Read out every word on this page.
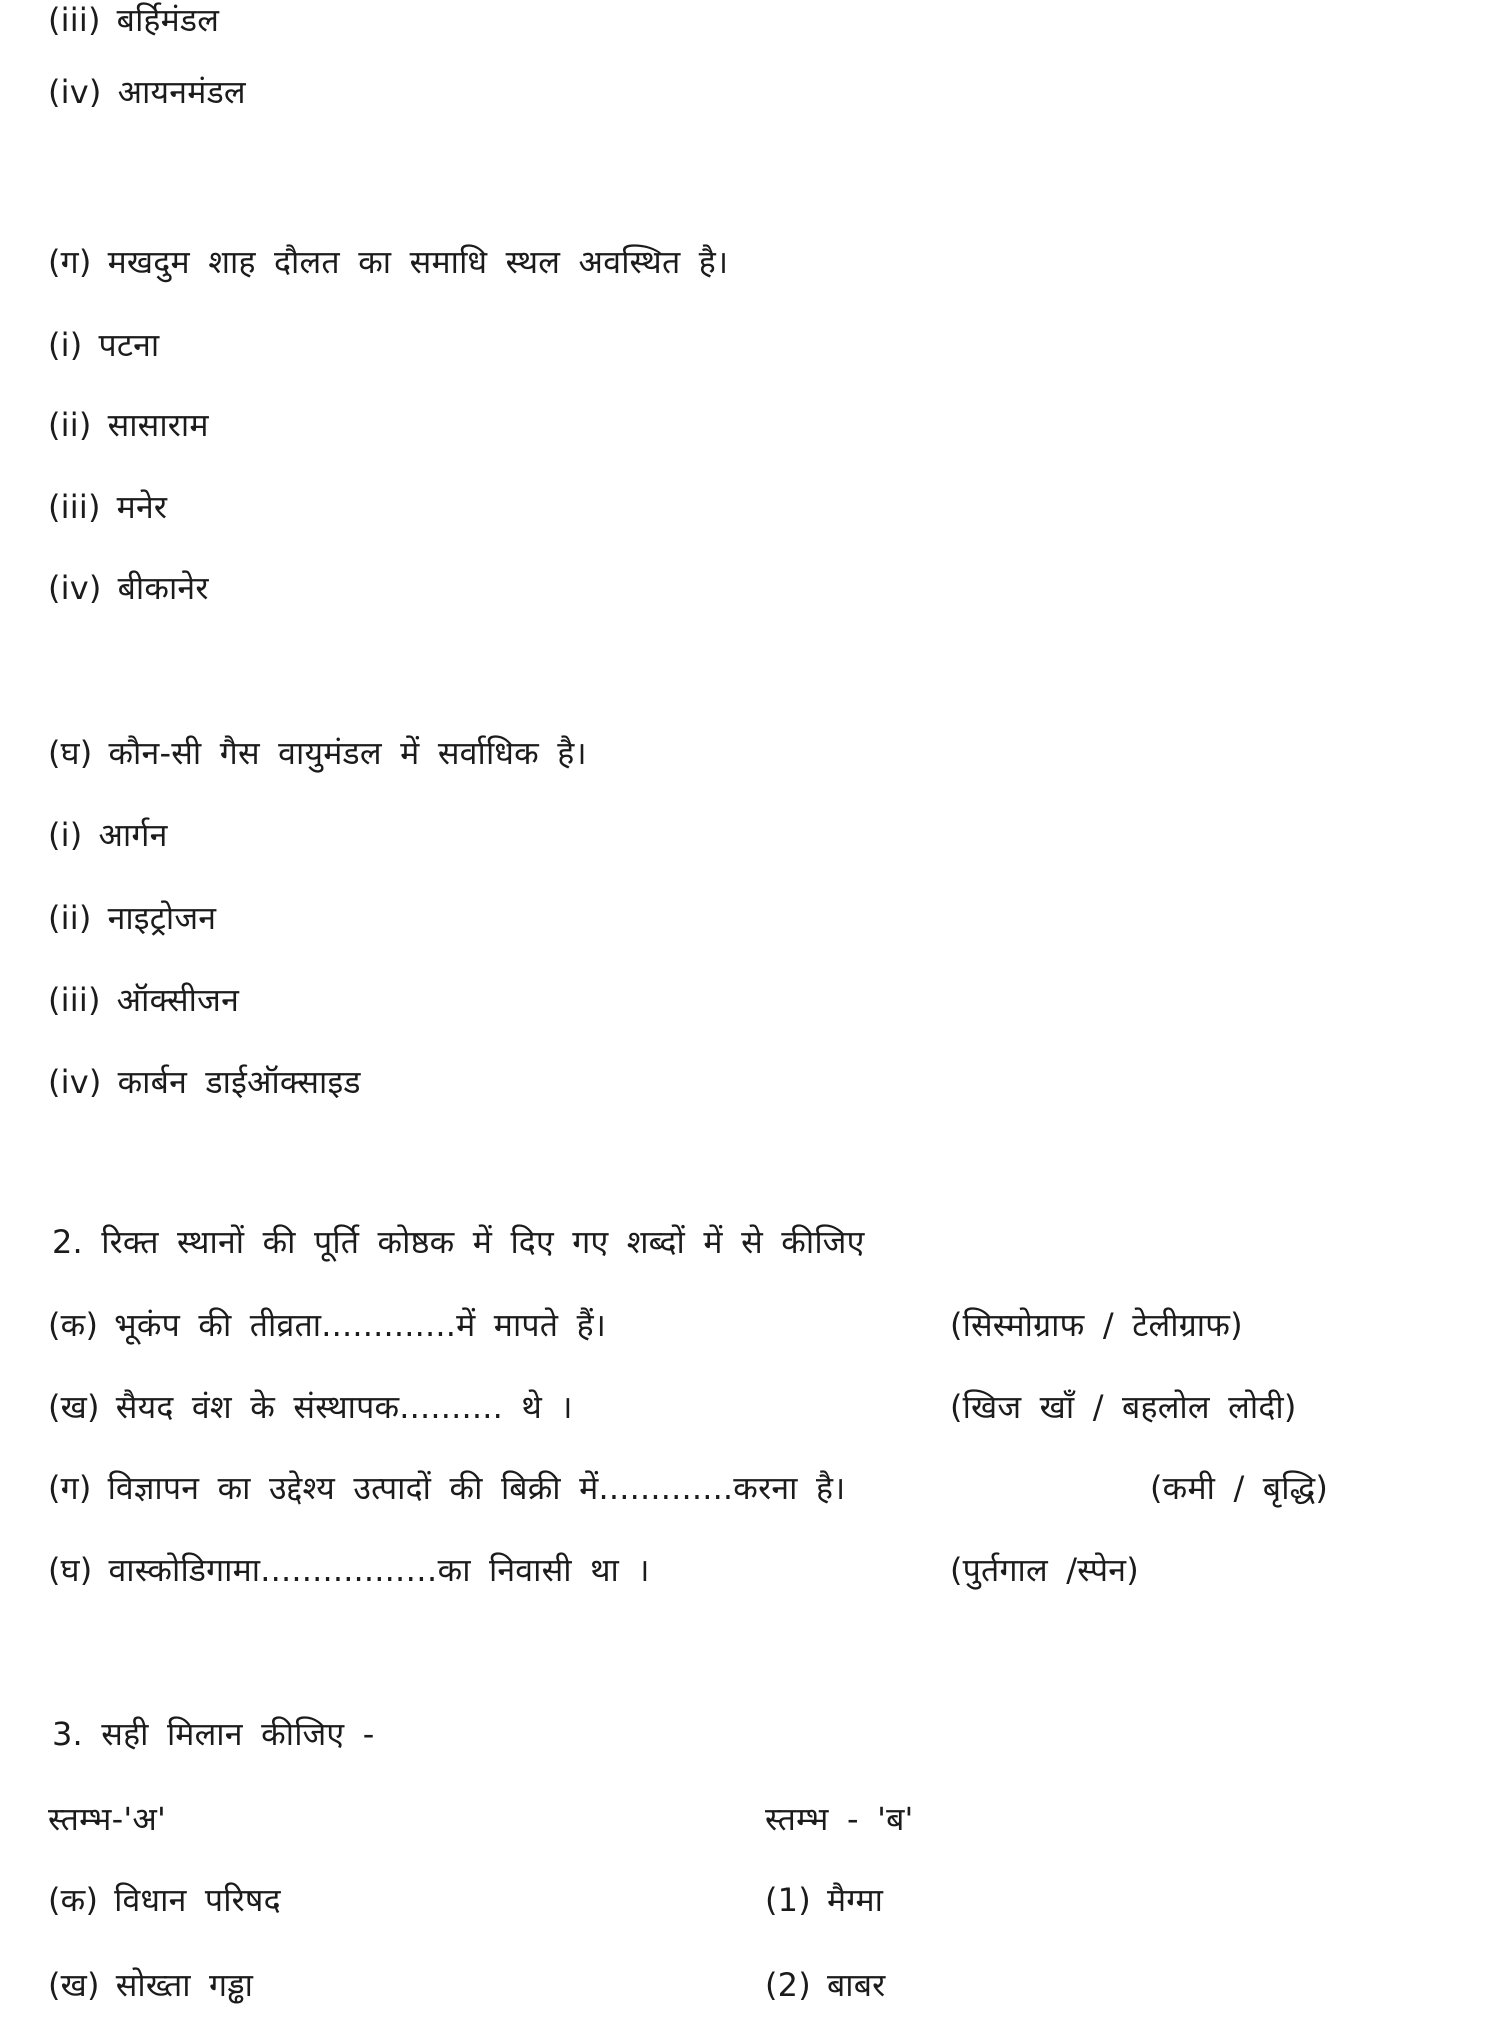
(iii) बर्हिमंडल
(iv) आयनमंडल
(ग) मखदुम शाह दौलत का समाधि स्थल अवस्थित है।
(i) पटना
(ii) सासाराम
(iii) मनेर
(iv) बीकानेर
(घ) कौन-सी गैस वायुमंडल में सर्वाधिक है।
(i) आर्गन
(ii) नाइट्रोजन
(iii) ऑक्सीजन
(iv) कार्बन डाईऑक्साइड
2. रिक्त स्थानों की पूर्ति कोष्ठक में दिए गए शब्दों में से कीजिए
(क) भूकंप की तीव्रता.............में मापते हैं।	(सिस्मोग्राफ / टेलीग्राफ)
(ख) सैयद वंश के संस्थापक.......... थे ।	(खिज खाँ / बहलोल लोदी)
(ग) विज्ञापन का उद्देश्य उत्पादों की बिक्री में.............करना है।	(कमी / बृद्धि)
(घ) वास्कोडिगामा..............…का निवासी था ।	(पुर्तगाल /स्पेन)
3. सही मिलान कीजिए -
स्तम्भ-'अ'	स्तम्भ - 'ब'
(क) विधान परिषद	(1) मैग्मा
(ख) सोख्ता गड्ढा	(2) बाबर
